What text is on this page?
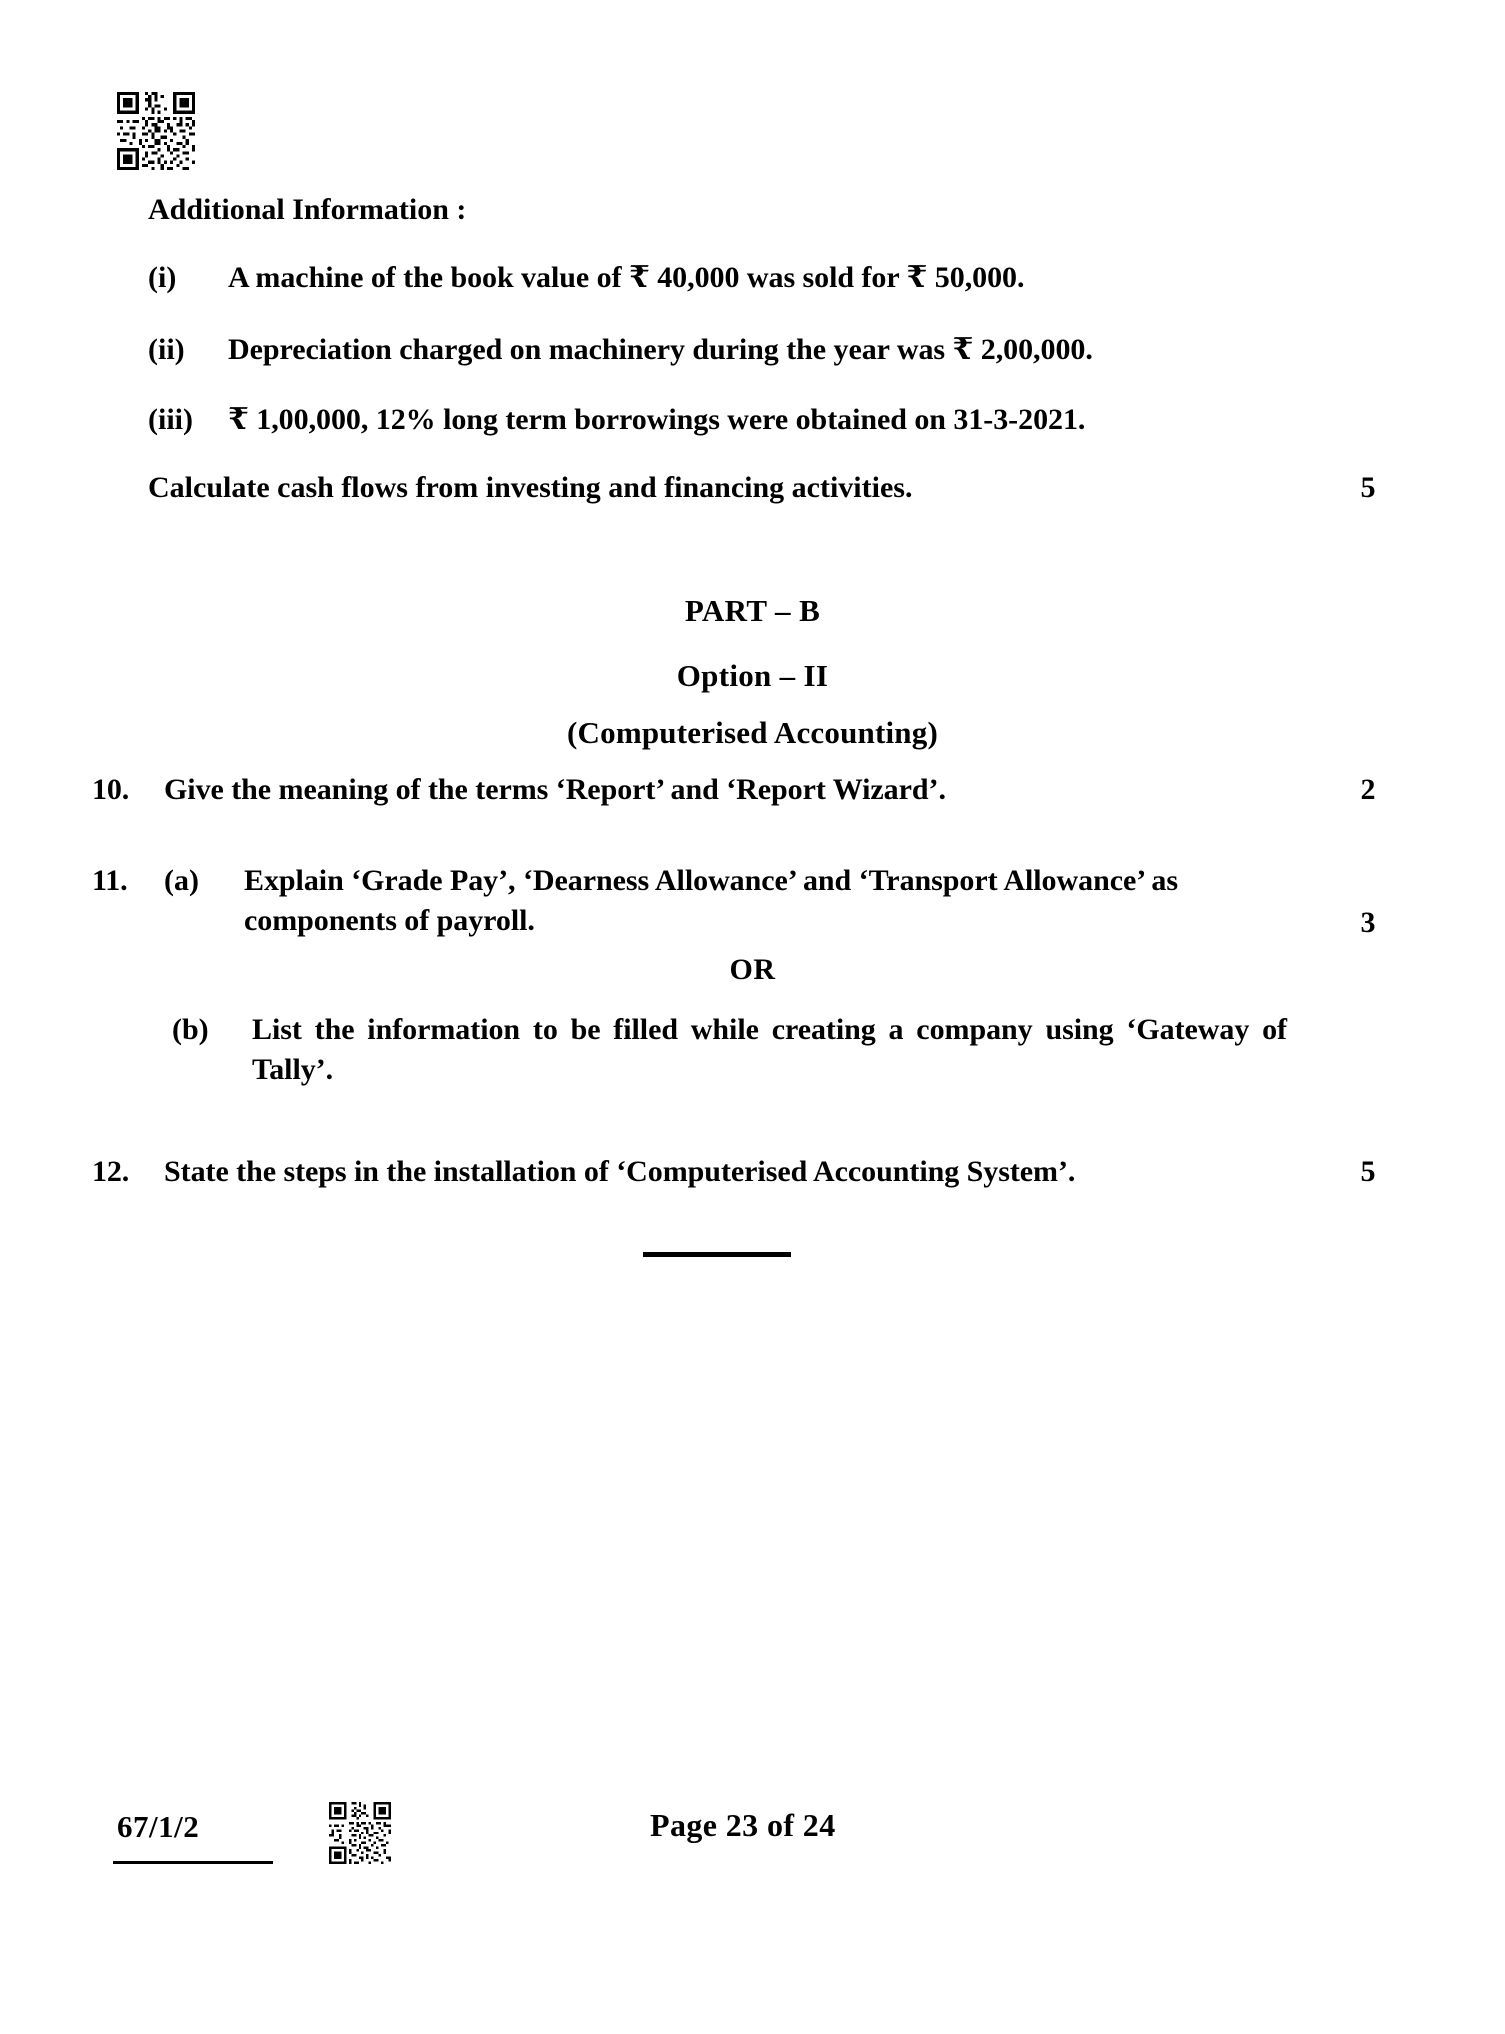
Additional Information :
(i)	A machine of the book value of ₹ 40,000 was sold for ₹ 50,000.
(ii)	Depreciation charged on machinery during the year was ₹ 2,00,000.
(iii)	₹ 1,00,000, 12% long term borrowings were obtained on 31-3-2021.
Calculate cash flows from investing and financing activities.	5
PART – B
Option – II
(Computerised Accounting)
10.	Give the meaning of the terms ‘Report’ and ‘Report Wizard’.	2
11.	(a)	Explain ‘Grade Pay’, ‘Dearness Allowance’ and ‘Transport Allowance’ as components of payroll.	3
OR
(b)	List the information to be filled while creating a company using ‘Gateway of Tally’.
12.	State the steps in the installation of ‘Computerised Accounting System’.	5
67/1/2	Page 23 of 24
